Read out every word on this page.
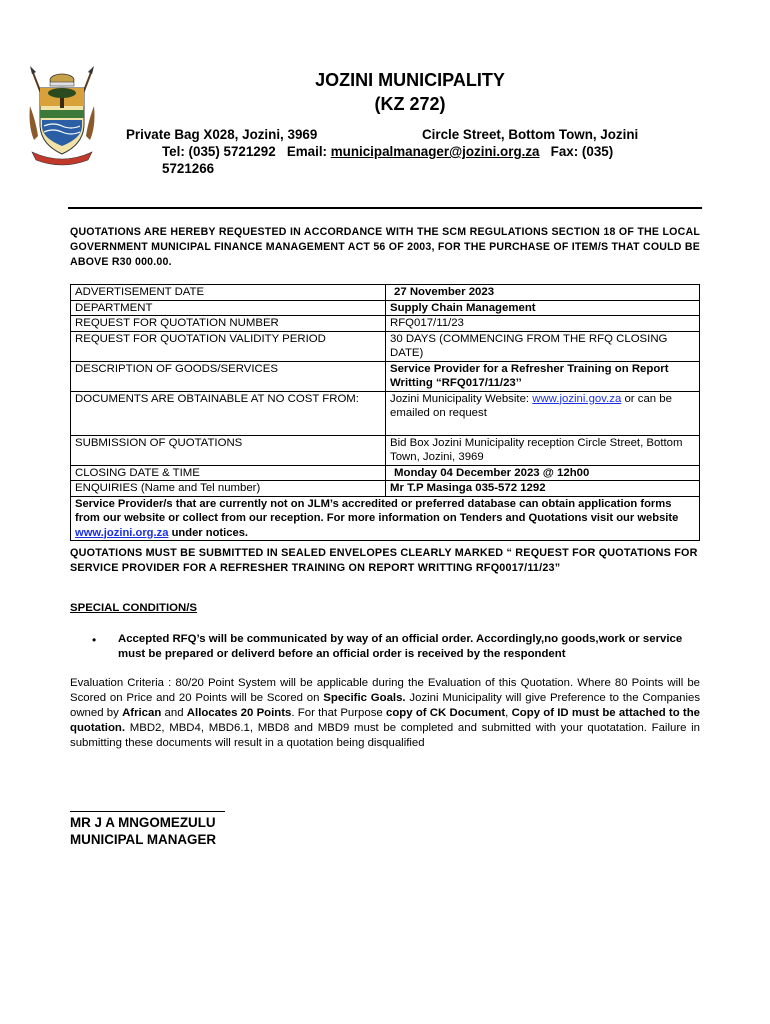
JOZINI MUNICIPALITY
(KZ 272)
Private Bag X028, Jozini, 3969	Circle Street, Bottom Town, Jozini
Tel: (035) 5721292 Email: municipalmanager@jozini.org.za Fax: (035)
5721266
QUOTATIONS ARE HEREBY REQUESTED IN ACCORDANCE WITH THE SCM REGULATIONS SECTION 18 OF THE LOCAL GOVERNMENT MUNICIPAL FINANCE MANAGEMENT ACT 56 OF 2003, FOR THE PURCHASE OF ITEM/S THAT COULD BE ABOVE R30 000.00.
ADVERTISEMENT DATE	27 November 2023
DEPARTMENT	Supply Chain Management
REQUEST FOR QUOTATION NUMBER	RFQ017/11/23
REQUEST FOR QUOTATION VALIDITY PERIOD	30 DAYS (COMMENCING FROM THE RFQ CLOSING DATE)
DESCRIPTION OF GOODS/SERVICES	Service Provider for a Refresher Training on Report Writting “RFQ017/11/23’’
DOCUMENTS ARE OBTAINABLE AT NO COST FROM:	Jozini Municipality Website: www.jozini.gov.za or can be emailed on request
SUBMISSION OF QUOTATIONS	Bid Box Jozini Municipality reception Circle Street, Bottom Town, Jozini, 3969
CLOSING DATE & TIME	Monday 04 December 2023 @ 12h00
ENQUIRIES (Name and Tel number)	Mr T.P Masinga 035-572 1292
Service Provider/s that are currently not on JLM’s accredited or preferred database can obtain application forms from our website or collect from our reception. For more information on Tenders and Quotations visit our website www.jozini.org.za under notices.	
QUOTATIONS MUST BE SUBMITTED IN SEALED ENVELOPES CLEARLY MARKED “ REQUEST FOR QUOTATIONS FOR SERVICE PROVIDER FOR A REFRESHER TRAINING ON REPORT WRITTING RFQ0017/11/23”
SPECIAL CONDITION/S
• Accepted RFQ’s will be communicated by way of an official order. Accordingly,no goods,work or service must be prepared or deliverd before an official order is received by the respondent
Evaluation Criteria : 80/20 Point System will be applicable during the Evaluation of this Quotation. Where 80 Points will be Scored on Price and 20 Points will be Scored on Specific Goals. Jozini Municipality will give Preference to the Companies owned by African and Allocates 20 Points. For that Purpose copy of CK Document, Copy of ID must be attached to the quotation. MBD2, MBD4, MBD6.1, MBD8 and MBD9 must be completed and submitted with your quotatation. Failure in submitting these documents will result in a quotation being disqualified
MR J A MNGOMEZULU
MUNICIPAL MANAGER
